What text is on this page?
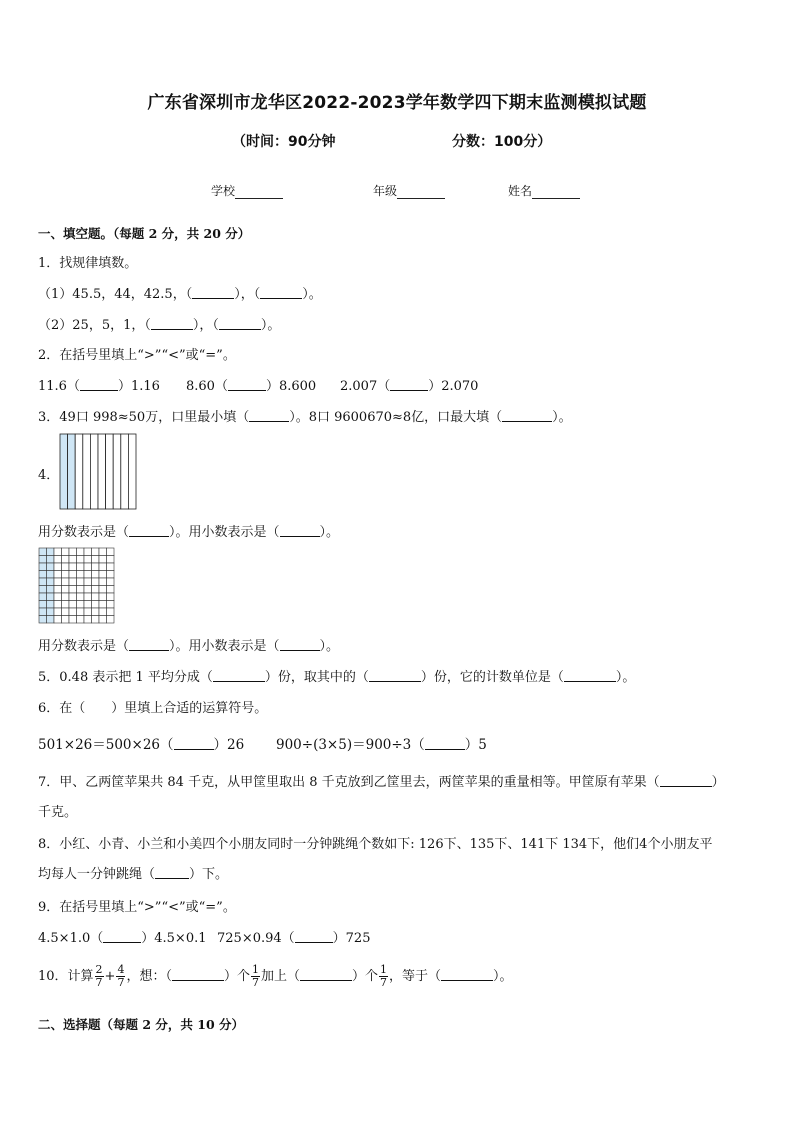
广东省深圳市龙华区2022-2023学年数学四下期末监测模拟试题
（时间：90分钟	分数：100分）
学校	年级	姓名
一、填空题。（每题 2 分，共 20 分）
1．找规律填数。
（1）45.5，44，42.5，（	），（	）。
（2）25，5，1，（	），（	）。
2．在括号里填上“>”“<”或“=”。
11.6（	）1.16 8.60（	）8.600 2.007（	）2.070
3．49口 998≈50万，口里最小填（	）。8口 9600670≈8亿，口最大填（	）。
4．
用分数表示是（	）。用小数表示是（	）。
用分数表示是（	）。用小数表示是（	）。
5．0.48 表示把 1 平均分成（	）份，取其中的（	）份，它的计数单位是（	）。
6．在（　　）里填上合适的运算符号。
501×26＝500×26（	）26 900÷(3×5)＝900÷3（	）5
7．甲、乙两筐苹果共 84 千克，从甲筐里取出 8 千克放到乙筐里去，两筐苹果的重量相等。甲筐原有苹果（	）
千克。
8．小红、小青、小兰和小美四个小朋友同时一分钟跳绳个数如下: 126下、135下、141下 134下，他们4个小朋友平
均每人一分钟跳绳（	）下。
9．在括号里填上“>”“<”或“=”。
4.5×1.0（	）4.5×0.1 725×0.94（	）725
10．计算 $\frac{2}{7} + \frac{4}{7}$ ，想：（	）个 $\frac{1}{7}$ 加上（	）个 $\frac{1}{7}$ ，等于（	）。
二、选择题（每题 2 分，共 10 分）
